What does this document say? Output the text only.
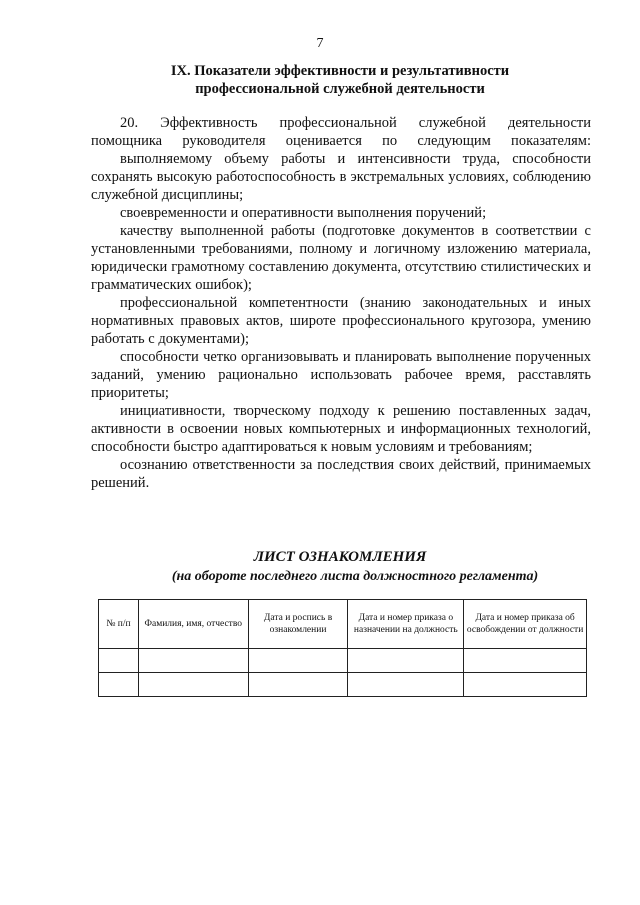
7
IX. Показатели эффективности и результативности
профессиональной служебной деятельности

20. Эффективность профессиональной служебной деятельности помощника руководителя оценивается по следующим показателям:

выполняемому объему работы и интенсивности труда, способности сохранять высокую работоспособность в экстремальных условиях, соблюдению служебной дисциплины;

своевременности и оперативности выполнения поручений;

качеству выполненной работы (подготовке документов в соответствии с установленными требованиями, полному и логичному изложению материала, юридически грамотному составлению документа, отсутствию стилистических и грамматических ошибок);

профессиональной компетентности (знанию законодательных и иных нормативных правовых актов, широте профессионального кругозора, умению работать с документами);

способности четко организовывать и планировать выполнение порученных заданий, умению рационально использовать рабочее время, расставлять приоритеты;

инициативности, творческому подходу к решению поставленных задач, активности в освоении новых компьютерных и информационных технологий, способности быстро адаптироваться к новым условиям и требованиям;

осознанию ответственности за последствия своих действий, принимаемых решений.

ЛИСТ ОЗНАКОМЛЕНИЯ
(на обороте последнего листа должностного регламента)
№ п/п	Фамилия, имя, отчество	Дата и роспись в ознакомлении	Дата и номер приказа о назначении на должность	Дата и номер приказа об освобождении от должности
